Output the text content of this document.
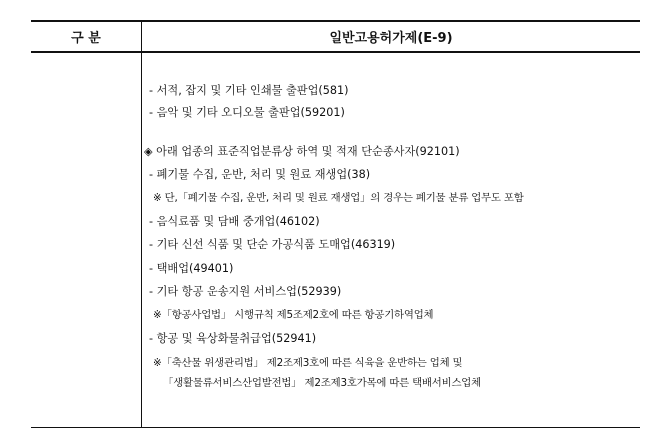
구 분	일반고용허가제(E-9)
- 서적, 잡지 및 기타 인쇄물 출판업(581)
- 음악 및 기타 오디오물 출판업(59201)
◈ 아래 업종의 표준직업분류상 하역 및 적재 단순종사자(92101)
- 폐기물 수집, 운반, 처리 및 원료 재생업(38)
※ 단,「폐기물 수집, 운반, 처리 및 원료 재생업」의 경우는 폐기물 분류 업무도 포함
- 음식료품 및 담배 중개업(46102)
- 기타 신선 식품 및 단순 가공식품 도매업(46319)
- 택배업(49401)
- 기타 항공 운송지원 서비스업(52939)
※「항공사업법」 시행규칙 제5조제2호에 따른 항공기하역업체
- 항공 및 육상화물취급업(52941)
※「축산물 위생관리법」 제2조제3호에 따른 식육을 운반하는 업체 및
「생활물류서비스산업발전법」 제2조제3호가목에 따른 택배서비스업체
